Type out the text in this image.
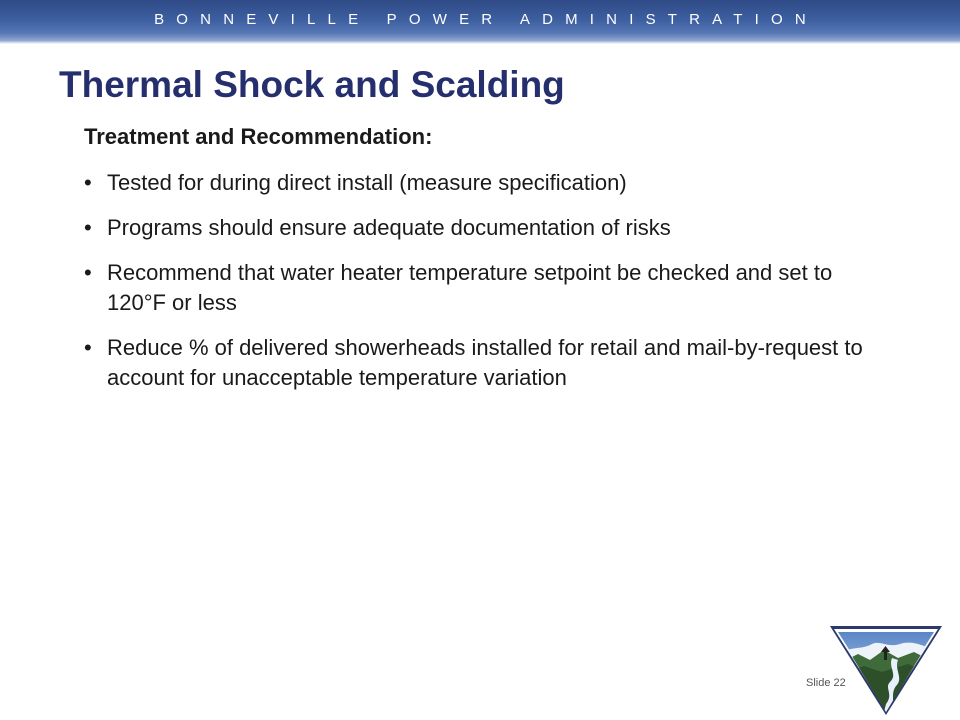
BONNEVILLE POWER ADMINISTRATION
Thermal Shock and Scalding
Treatment and Recommendation:
• Tested for during direct install (measure specification)
• Programs should ensure adequate documentation of risks
• Recommend that water heater temperature setpoint be checked and set to 120°F or less
• Reduce % of delivered showerheads installed for retail and mail-by-request to account for unacceptable temperature variation
Slide 22
